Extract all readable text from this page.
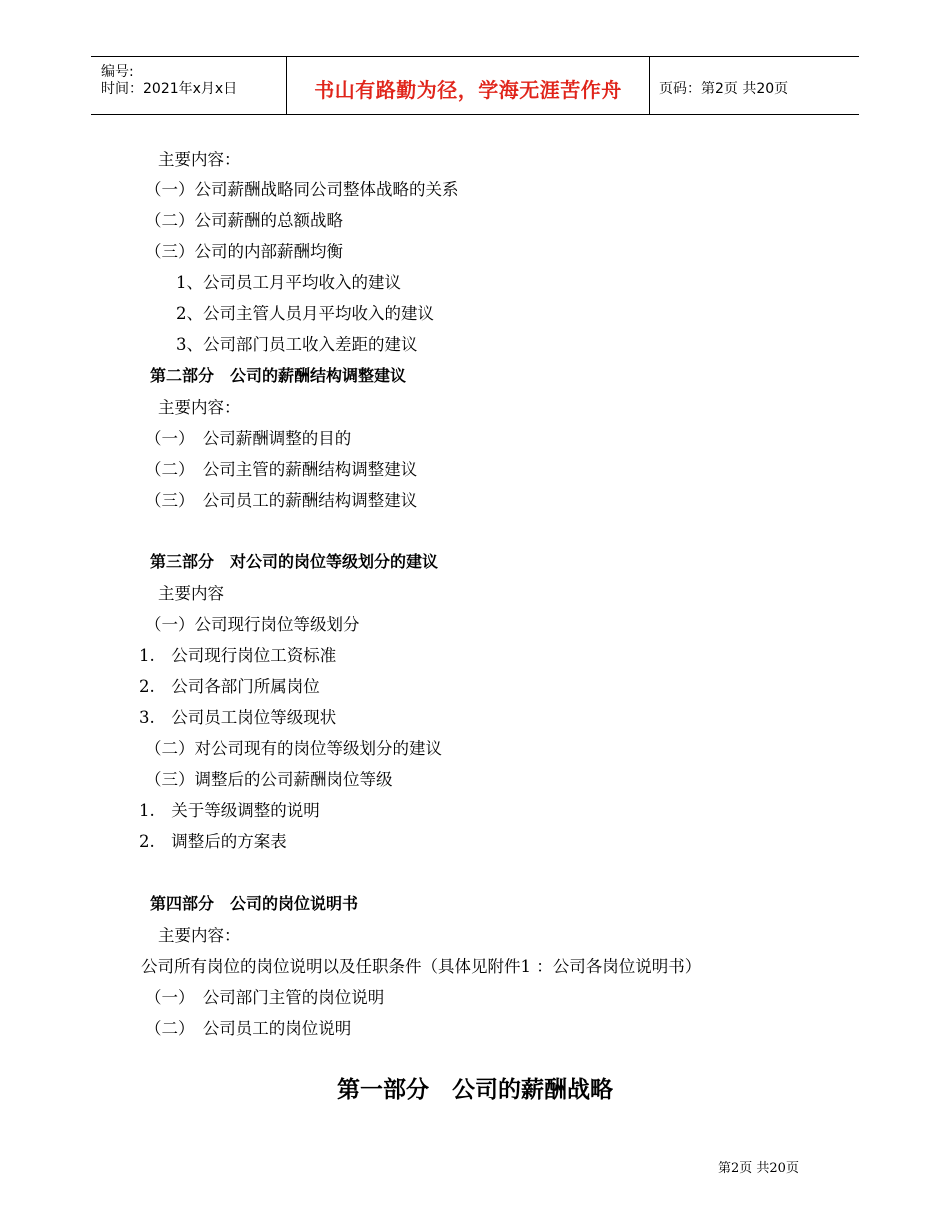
编号:
时间：2021年x月x日	书山有路勤为径，学海无涯苦作舟	页码：第2页 共20页
主要内容：
（一）公司薪酬战略同公司整体战略的关系
（二）公司薪酬的总额战略
（三）公司的内部薪酬均衡
1、公司员工月平均收入的建议
2、公司主管人员月平均收入的建议
3、公司部门员工收入差距的建议
第二部分　公司的薪酬结构调整建议
主要内容：
（一）　公司薪酬调整的目的
（二）　公司主管的薪酬结构调整建议
（三）　公司员工的薪酬结构调整建议
第三部分　对公司的岗位等级划分的建议
主要内容
（一）公司现行岗位等级划分
1.　公司现行岗位工资标准
2.　公司各部门所属岗位
3.　公司员工岗位等级现状
（二）对公司现有的岗位等级划分的建议
（三）调整后的公司薪酬岗位等级
1.　关于等级调整的说明
2.　调整后的方案表
第四部分　公司的岗位说明书
主要内容：
公司所有岗位的岗位说明以及任职条件（具体见附件1 ：公司各岗位说明书）
（一）　公司部门主管的岗位说明
（二）　公司员工的岗位说明
第一部分　公司的薪酬战略
第2页 共20页
